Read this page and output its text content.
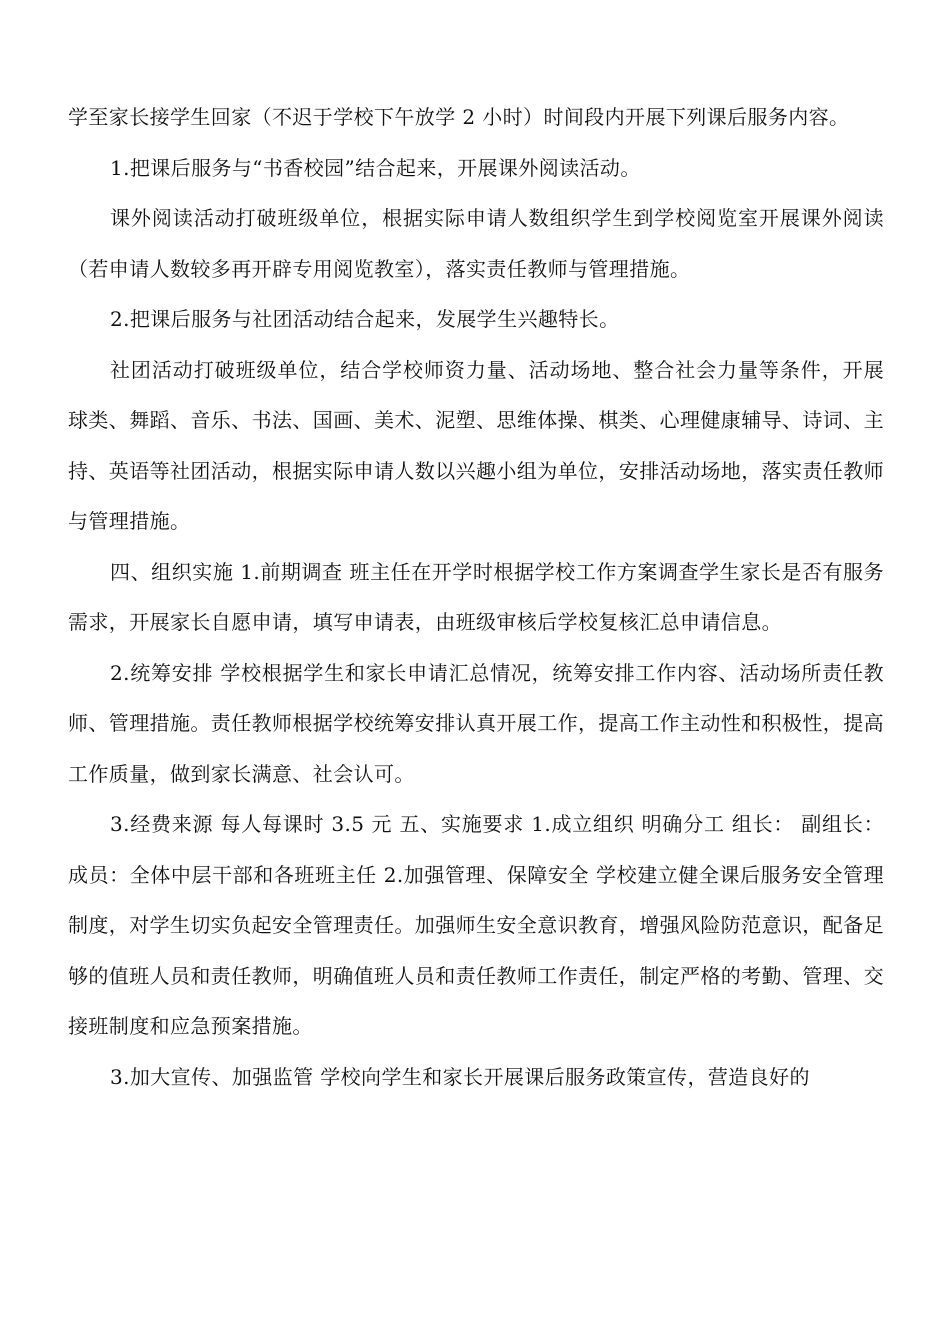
学至家长接学生回家（不迟于学校下午放学 2 小时）时间段内开展下列课后服务内容。

1.把课后服务与“书香校园”结合起来，开展课外阅读活动。

课外阅读活动打破班级单位，根据实际申请人数组织学生到学校阅览室开展课外阅读（若申请人数较多再开辟专用阅览教室），落实责任教师与管理措施。

2.把课后服务与社团活动结合起来，发展学生兴趣特长。

社团活动打破班级单位，结合学校师资力量、活动场地、整合社会力量等条件，开展球类、舞蹈、音乐、书法、国画、美术、泥塑、思维体操、棋类、心理健康辅导、诗词、主持、英语等社团活动，根据实际申请人数以兴趣小组为单位，安排活动场地，落实责任教师与管理措施。

四、组织实施 1.前期调查 班主任在开学时根据学校工作方案调查学生家长是否有服务需求，开展家长自愿申请，填写申请表，由班级审核后学校复核汇总申请信息。

2.统筹安排 学校根据学生和家长申请汇总情况，统筹安排工作内容、活动场所责任教师、管理措施。责任教师根据学校统筹安排认真开展工作，提高工作主动性和积极性，提高工作质量，做到家长满意、社会认可。

3.经费来源 每人每课时 3.5 元 五、实施要求 1.成立组织 明确分工 组长： 副组长： 成员：全体中层干部和各班班主任 2.加强管理、保障安全 学校建立健全课后服务安全管理制度，对学生切实负起安全管理责任。加强师生安全意识教育，增强风险防范意识，配备足够的值班人员和责任教师，明确值班人员和责任教师工作责任，制定严格的考勤、管理、交接班制度和应急预案措施。

3.加大宣传、加强监管 学校向学生和家长开展课后服务政策宣传，营造良好的
